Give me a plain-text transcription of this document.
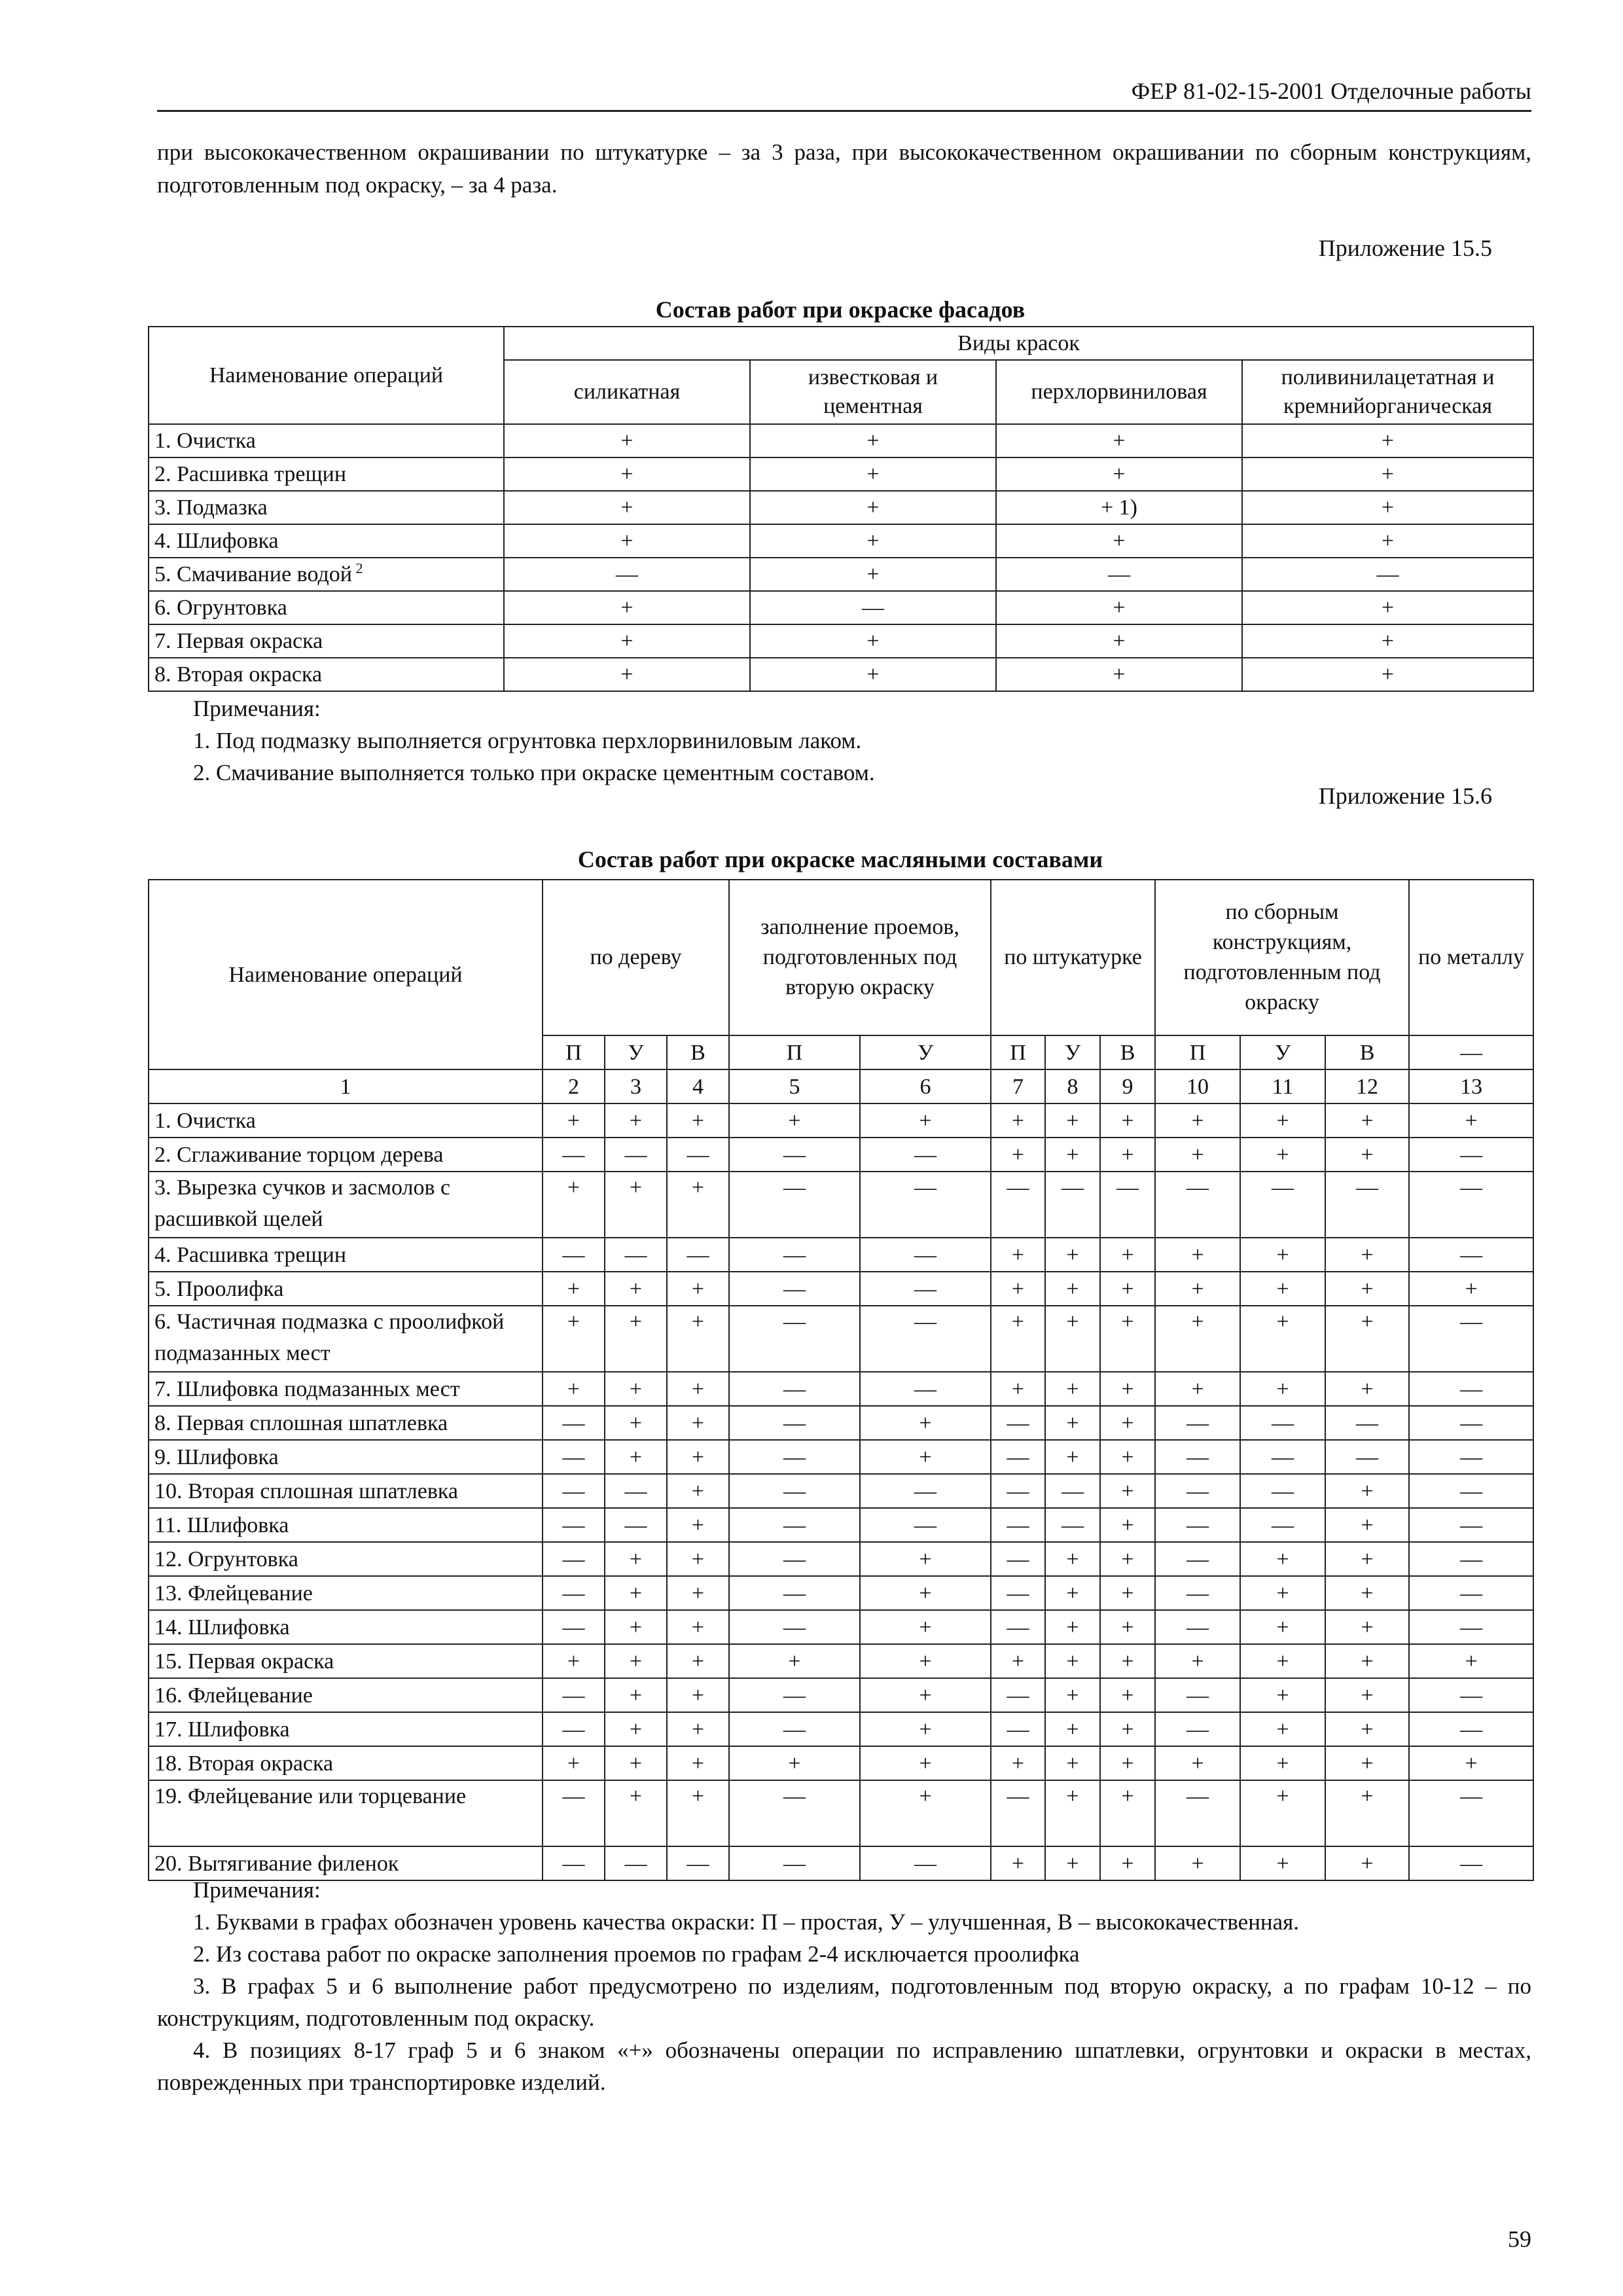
ФЕР 81-02-15-2001 Отделочные работы
при высококачественном окрашивании по штукатурке – за 3 раза, при высококачественном окрашивании по сборным конструкциям, подготовленным под окраску, – за 4 раза.
Приложение 15.5
Состав работ при окраске фасадов
Наименование операций	Виды красок			
	силикатная	известковая и цементная	перхлорвиниловая	поливинилацетатная и кремнийорганическая
1. Очистка	+	+	+	+
2. Расшивка трещин	+	+	+	+
3. Подмазка	+	+	+ 1)	+
4. Шлифовка	+	+	+	+
5. Смачивание водой $^2$	—	+	—	—
6. Огрунтовка	+	—	+	+
7. Первая окраска	+	+	+	+
8. Вторая окраска	+	+	+	+

Примечания:

1. Под подмазку выполняется огрунтовка перхлорвиниловым лаком.

2. Смачивание выполняется только при окраске цементным составом.

Приложение 15.6
Состав работ при окраске масляными составами
Наименование операций	по дереву			заполнение проемов, подготовленных под вторую окраску		по штукатурке			по сборным конструкциям, подготовленным под окраску			по металлу
	П	У	В	П	У	П	У	В	П	У	В	—
1	2	3	4	5	6	7	8	9	10	11	12	13
1. Очистка	+	+	+	+	+	+	+	+	+	+	+	+
2. Сглаживание торцом дерева	—	—	—	—	—	+	+	+	+	+	+	—
3. Вырезка сучков и засмолов с расшивкой щелей	+	+	+	—	—	—	—	—	—	—	—	—
4. Расшивка трещин	—	—	—	—	—	+	+	+	+	+	+	—
5. Проолифка	+	+	+	—	—	+	+	+	+	+	+	+
6. Частичная подмазка с проолифкой подмазанных мест	+	+	+	—	—	+	+	+	+	+	+	—
7. Шлифовка подмазанных мест	+	+	+	—	—	+	+	+	+	+	+	—
8. Первая сплошная шпатлевка	—	+	+	—	+	—	+	+	—	—	—	—
9. Шлифовка	—	+	+	—	+	—	+	+	—	—	—	—
10. Вторая сплошная шпатлевка	—	—	+	—	—	—	—	+	—	—	+	—
11. Шлифовка	—	—	+	—	—	—	—	+	—	—	+	—
12. Огрунтовка	—	+	+	—	+	—	+	+	—	+	+	—
13. Флейцевание	—	+	+	—	+	—	+	+	—	+	+	—
14. Шлифовка	—	+	+	—	+	—	+	+	—	+	+	—
15. Первая окраска	+	+	+	+	+	+	+	+	+	+	+	+
16. Флейцевание	—	+	+	—	+	—	+	+	—	+	+	—
17. Шлифовка	—	+	+	—	+	—	+	+	—	+	+	—
18. Вторая окраска	+	+	+	+	+	+	+	+	+	+	+	+
19. Флейцевание или торцевание	—	+	+	—	+	—	+	+	—	+	+	—
20. Вытягивание филенок	—	—	—	—	—	+	+	+	+	+	+	—

Примечания:

1. Буквами в графах обозначен уровень качества окраски: П – простая, У – улучшенная, В – высококачественная.

2. Из состава работ по окраске заполнения проемов по графам 2-4 исключается проолифка

3. В графах 5 и 6 выполнение работ предусмотрено по изделиям, подготовленным под вторую окраску, а по графам 10-12 – по конструкциям, подготовленным под окраску.

4. В позициях 8-17 граф 5 и 6 знаком «+» обозначены операции по исправлению шпатлевки, огрунтовки и окраски в местах, поврежденных при транспортировке изделий.

59
